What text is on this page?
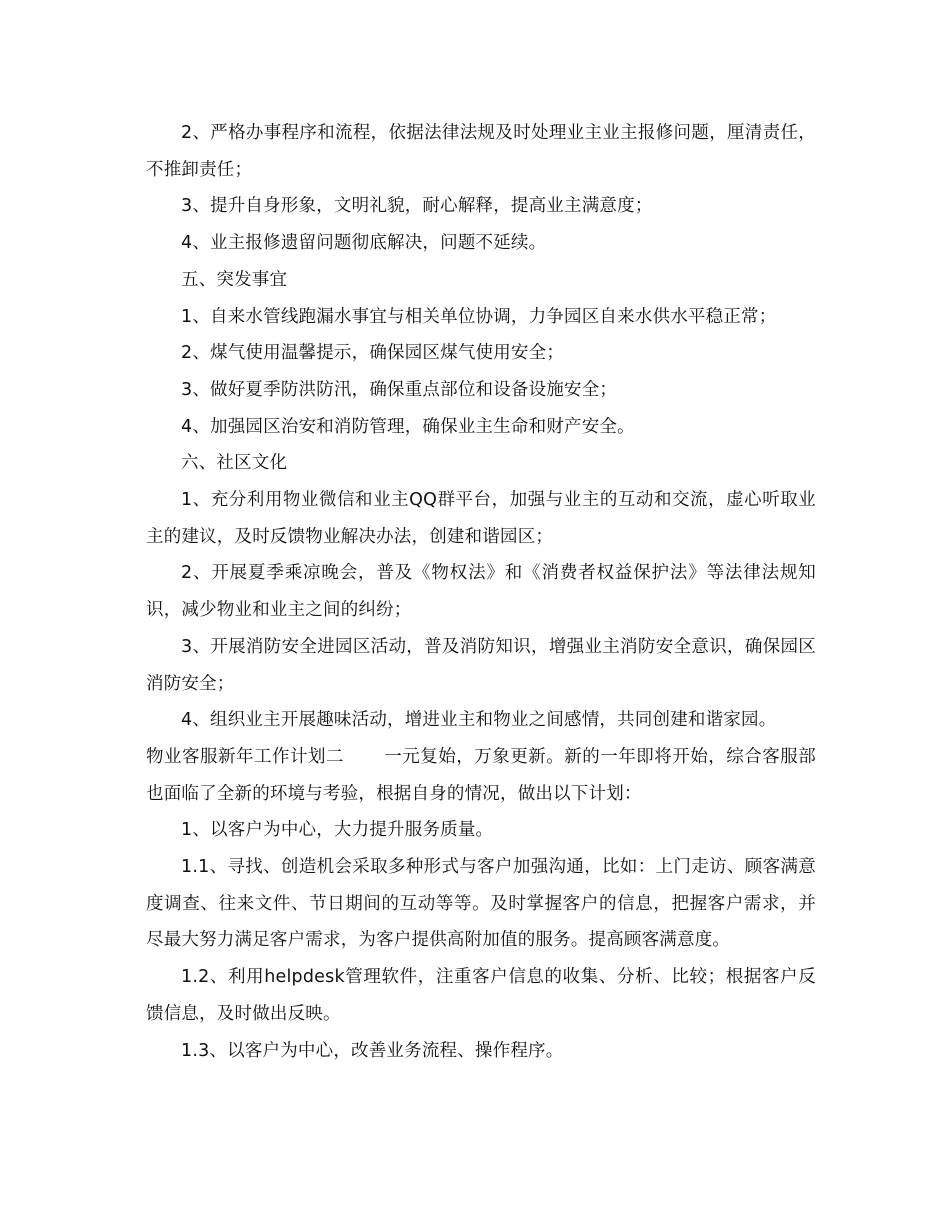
2、严格办事程序和流程，依据法律法规及时处理业主业主报修问题，厘清责任，不推卸责任；

3、提升自身形象，文明礼貌，耐心解释，提高业主满意度；

4、业主报修遗留问题彻底解决，问题不延续。

五、突发事宜

1、自来水管线跑漏水事宜与相关单位协调，力争园区自来水供水平稳正常；

2、煤气使用温馨提示，确保园区煤气使用安全；

3、做好夏季防洪防汛，确保重点部位和设备设施安全；

4、加强园区治安和消防管理，确保业主生命和财产安全。

六、社区文化

1、充分利用物业微信和业主QQ群平台，加强与业主的互动和交流，虚心听取业主的建议，及时反馈物业解决办法，创建和谐园区；

2、开展夏季乘凉晚会，普及《物权法》和《消费者权益保护法》等法律法规知识，减少物业和业主之间的纠纷；

3、开展消防安全进园区活动，普及消防知识，增强业主消防安全意识，确保园区消防安全；

4、组织业主开展趣味活动，增进业主和物业之间感情，共同创建和谐家园。

物业客服新年工作计划二 一元复始，万象更新。新的一年即将开始，综合客服部也面临了全新的环境与考验，根据自身的情况，做出以下计划：

1、以客户为中心，大力提升服务质量。

1.1、寻找、创造机会采取多种形式与客户加强沟通，比如：上门走访、顾客满意度调查、往来文件、节日期间的互动等等。及时掌握客户的信息，把握客户需求，并尽最大努力满足客户需求，为客户提供高附加值的服务。提高顾客满意度。

1.2、利用helpdesk管理软件，注重客户信息的收集、分析、比较；根据客户反馈信息，及时做出反映。

1.3、以客户为中心，改善业务流程、操作程序。
